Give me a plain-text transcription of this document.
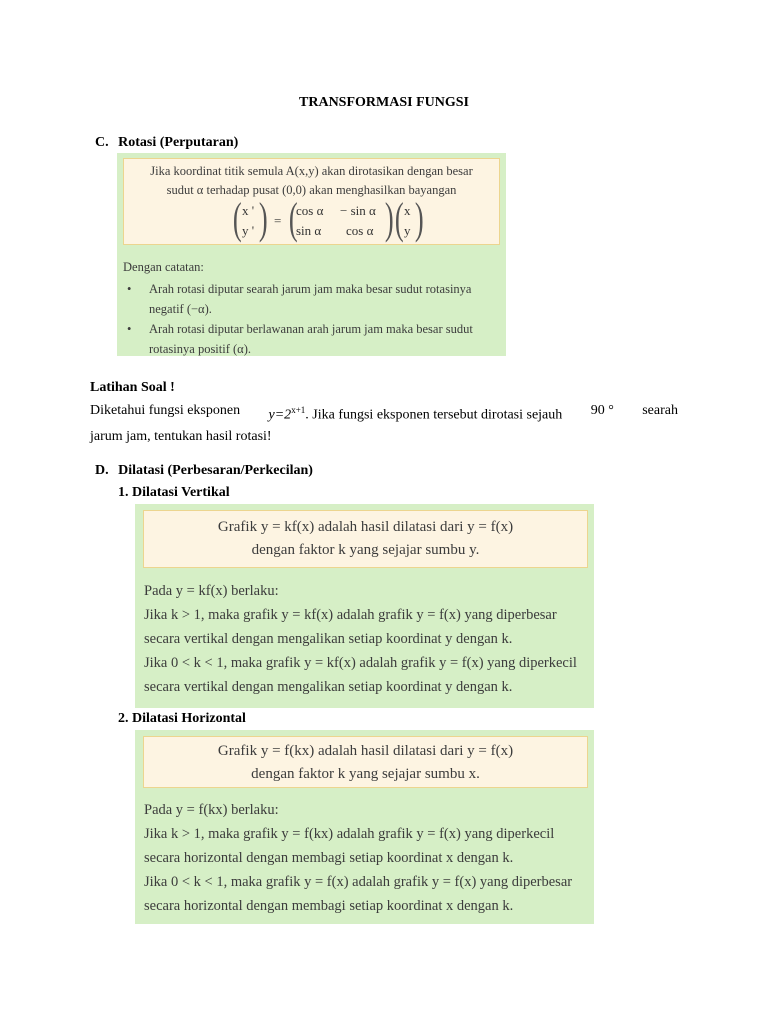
TRANSFORMASI FUNGSI
C. Rotasi (Perputaran)
Jika koordinat titik semula A(x,y) akan dirotasikan dengan besar
sudut α terhadap pusat (0,0) akan menghasilkan bayangan
( x '
y ' ) = (
cos α − sin α
sin α cos α ) ( x
y )
Dengan catatan:
• Arah rotasi diputar searah jarum jam maka besar sudut rotasinya
negatif (−α).
• Arah rotasi diputar berlawanan arah jarum jam maka besar sudut
rotasinya positif (α).
Latihan Soal !
Diketahui fungsi eksponen $y=2^{x+1}$. Jika fungsi eksponen tersebut dirotasi sejauh 90 ° searah
jarum jam, tentukan hasil rotasi!
D. Dilatasi (Perbesaran/Perkecilan)
1. Dilatasi Vertikal
Grafik y = kf(x) adalah hasil dilatasi dari y = f(x)
dengan faktor k yang sejajar sumbu y.
Pada y = kf(x) berlaku:
Jika k > 1, maka grafik y = kf(x) adalah grafik y = f(x) yang diperbesar
secara vertikal dengan mengalikan setiap koordinat y dengan k.
Jika 0 < k < 1, maka grafik y = kf(x) adalah grafik y = f(x) yang diperkecil
secara vertikal dengan mengalikan setiap koordinat y dengan k.
2. Dilatasi Horizontal
Grafik y = f(kx) adalah hasil dilatasi dari y = f(x)
dengan faktor k yang sejajar sumbu x.
Pada y = f(kx) berlaku:
Jika k > 1, maka grafik y = f(kx) adalah grafik y = f(x) yang diperkecil
secara horizontal dengan membagi setiap koordinat x dengan k.
Jika 0 < k < 1, maka grafik y = f(x) adalah grafik y = f(x) yang diperbesar
secara horizontal dengan membagi setiap koordinat x dengan k.
